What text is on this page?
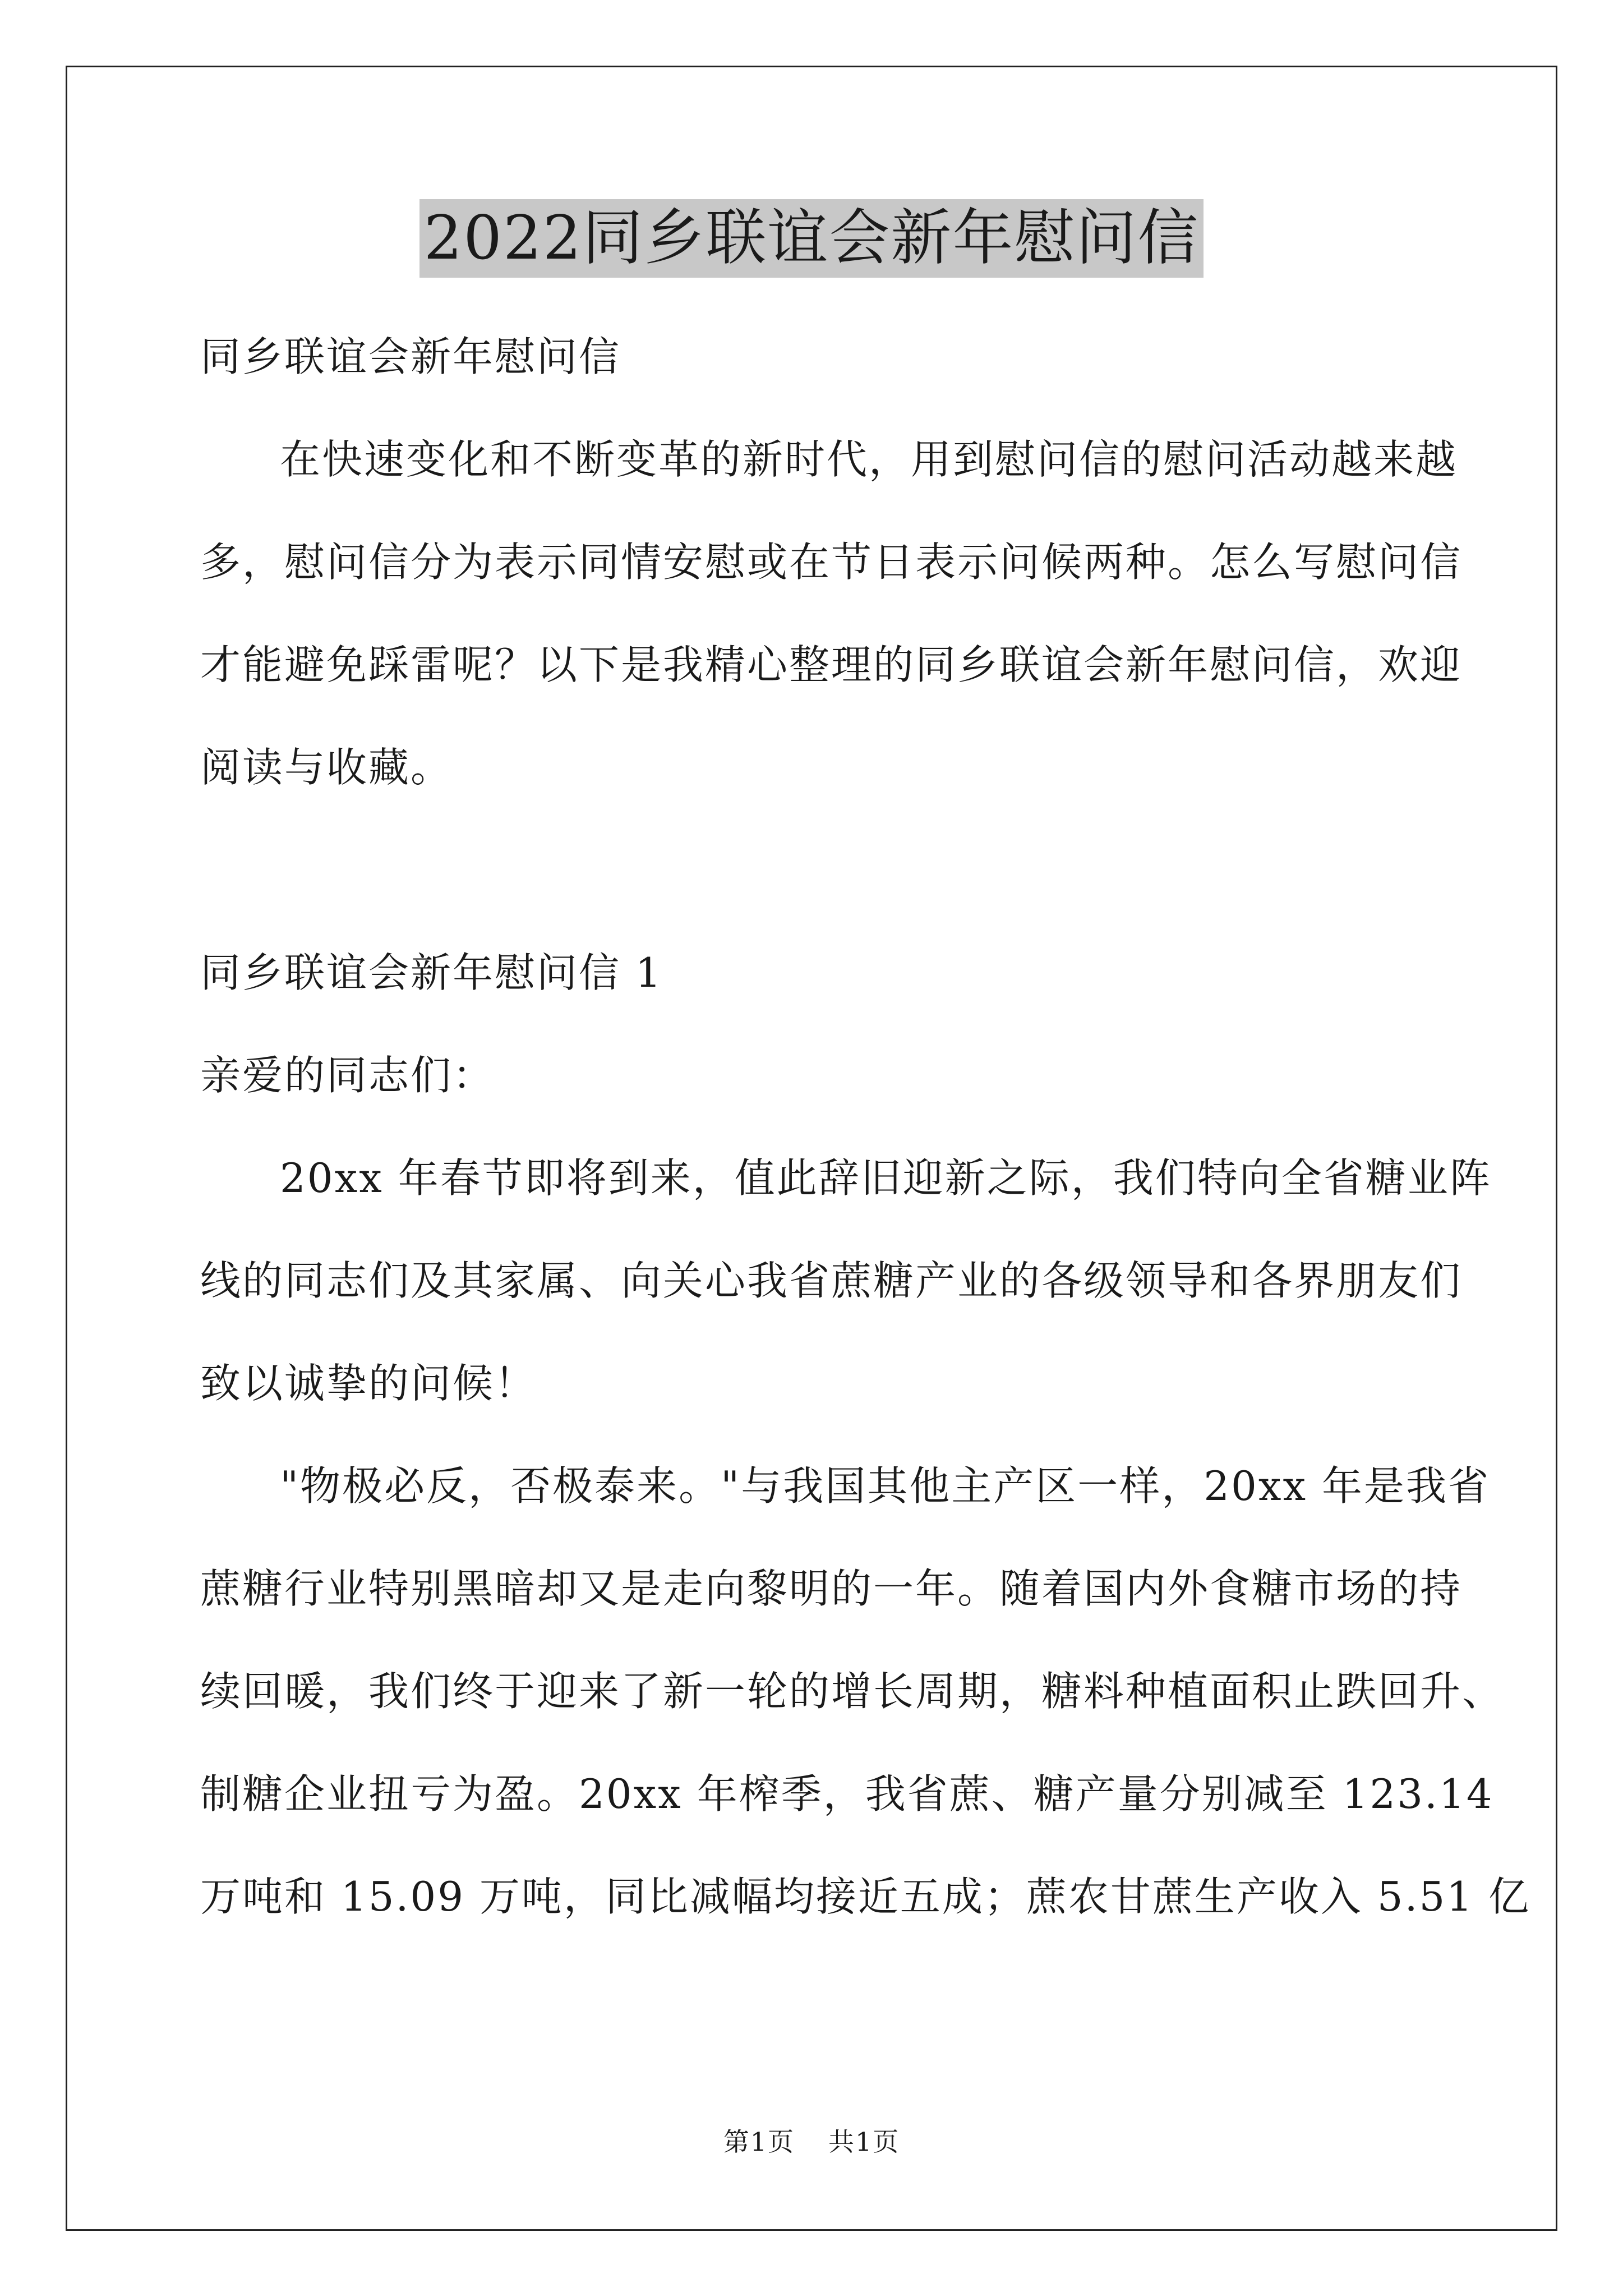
2022同乡联谊会新年慰问信
同乡联谊会新年慰问信
在快速变化和不断变革的新时代，用到慰问信的慰问活动越来越
多，慰问信分为表示同情安慰或在节日表示问候两种。怎么写慰问信
才能避免踩雷呢？以下是我精心整理的同乡联谊会新年慰问信，欢迎
阅读与收藏。
同乡联谊会新年慰问信 1
亲爱的同志们：
20xx 年春节即将到来，值此辞旧迎新之际，我们特向全省糖业阵
线的同志们及其家属、向关心我省蔗糖产业的各级领导和各界朋友们
致以诚挚的问候！
"物极必反，否极泰来。"与我国其他主产区一样，20xx 年是我省
蔗糖行业特别黑暗却又是走向黎明的一年。随着国内外食糖市场的持
续回暖，我们终于迎来了新一轮的增长周期，糖料种植面积止跌回升、
制糖企业扭亏为盈。20xx 年榨季，我省蔗、糖产量分别减至 123.14
万吨和 15.09 万吨，同比减幅均接近五成；蔗农甘蔗生产收入 5.51 亿
第1页 共1页
